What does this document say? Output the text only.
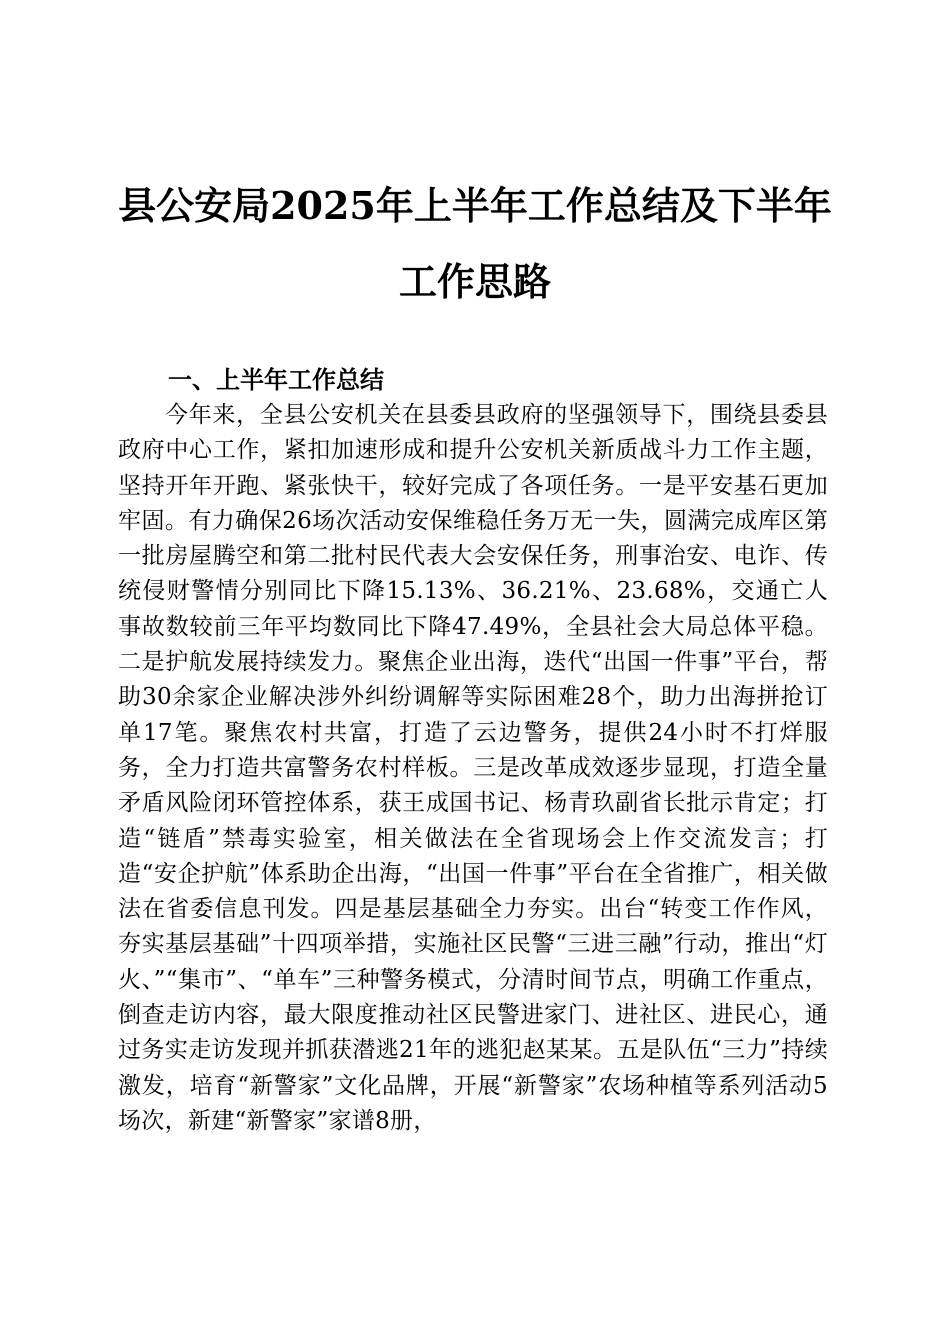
县公安局2025年上半年工作总结及下半年工作思路
一、上半年工作总结

今年来，全县公安机关在县委县政府的坚强领导下，围绕县委县政府中心工作，紧扣加速形成和提升公安机关新质战斗力工作主题，坚持开年开跑、紧张快干，较好完成了各项任务。一是平安基石更加牢固。有力确保26场次活动安保维稳任务万无一失，圆满完成库区第一批房屋腾空和第二批村民代表大会安保任务，刑事治安、电诈、传统侵财警情分别同比下降15.13%、36.21%、23.68%，交通亡人事故数较前三年平均数同比下降47.49%，全县社会大局总体平稳。二是护航发展持续发力。聚焦企业出海，迭代“出国一件事”平台，帮助30余家企业解决涉外纠纷调解等实际困难28个，助力出海拼抢订单17笔。聚焦农村共富，打造了云边警务，提供24小时不打烊服务，全力打造共富警务农村样板。三是改革成效逐步显现，打造全量矛盾风险闭环管控体系，获王成国书记、杨青玖副省长批示肯定；打造“链盾”禁毒实验室，相关做法在全省现场会上作交流发言；打造“安企护航”体系助企出海，“出国一件事”平台在全省推广，相关做法在省委信息刊发。四是基层基础全力夯实。出台“转变工作作风，夯实基层基础”十四项举措，实施社区民警“三进三融”行动，推出“灯火、”“集市”、“单车”三种警务模式，分清时间节点，明确工作重点，倒查走访内容，最大限度推动社区民警进家门、进社区、进民心，通过务实走访发现并抓获潜逃21年的逃犯赵某某。五是队伍“三力”持续激发，培育“新警家”文化品牌，开展“新警家”农场种植等系列活动5场次，新建“新警家”家谱8册，
